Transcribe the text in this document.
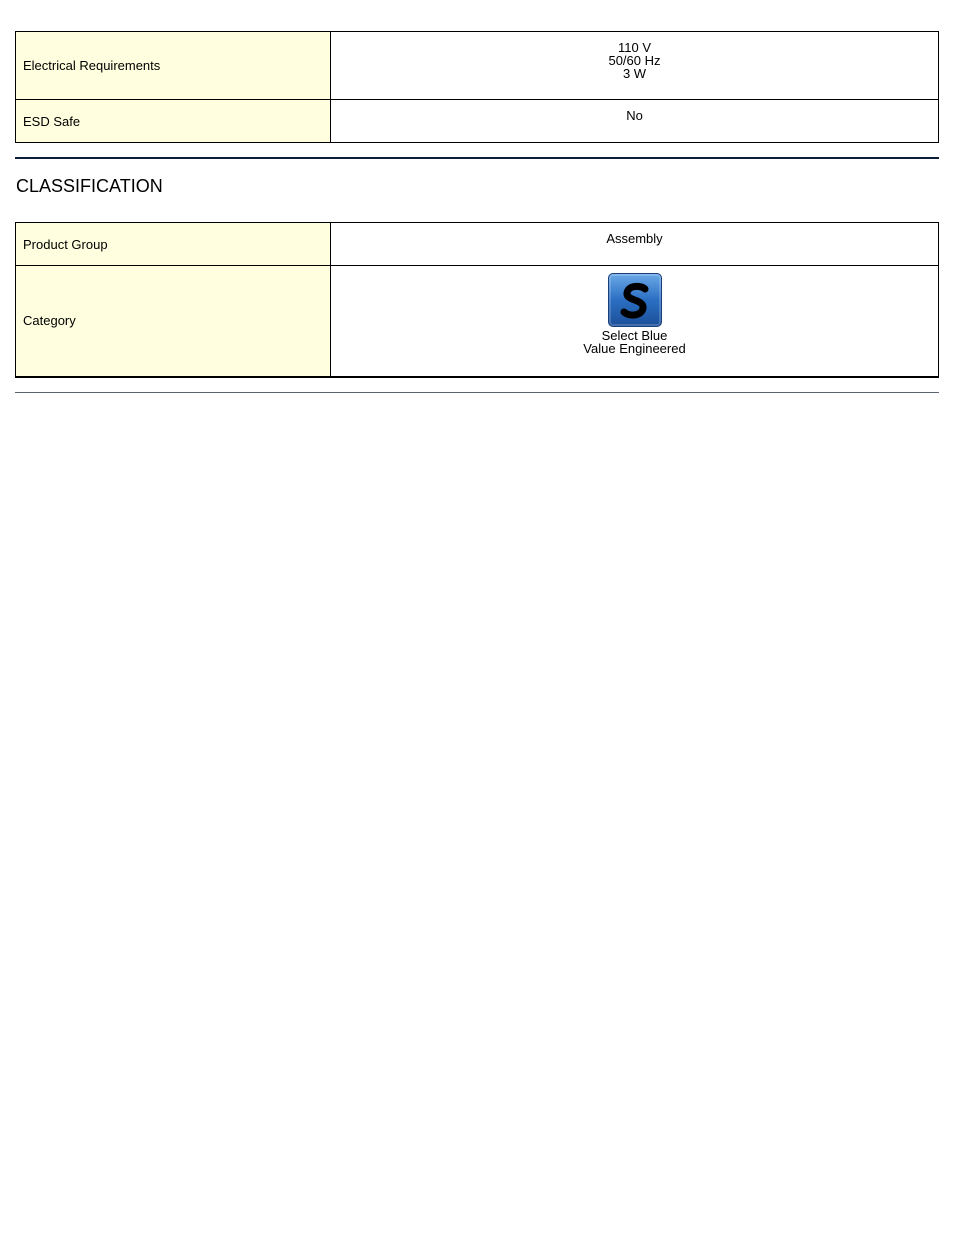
Electrical Requirements	110 V
50/60 Hz
3 W

ESD Safe	No
CLASSIFICATION
Product Group	Assembly

Category	Select Blue
Value Engineered
